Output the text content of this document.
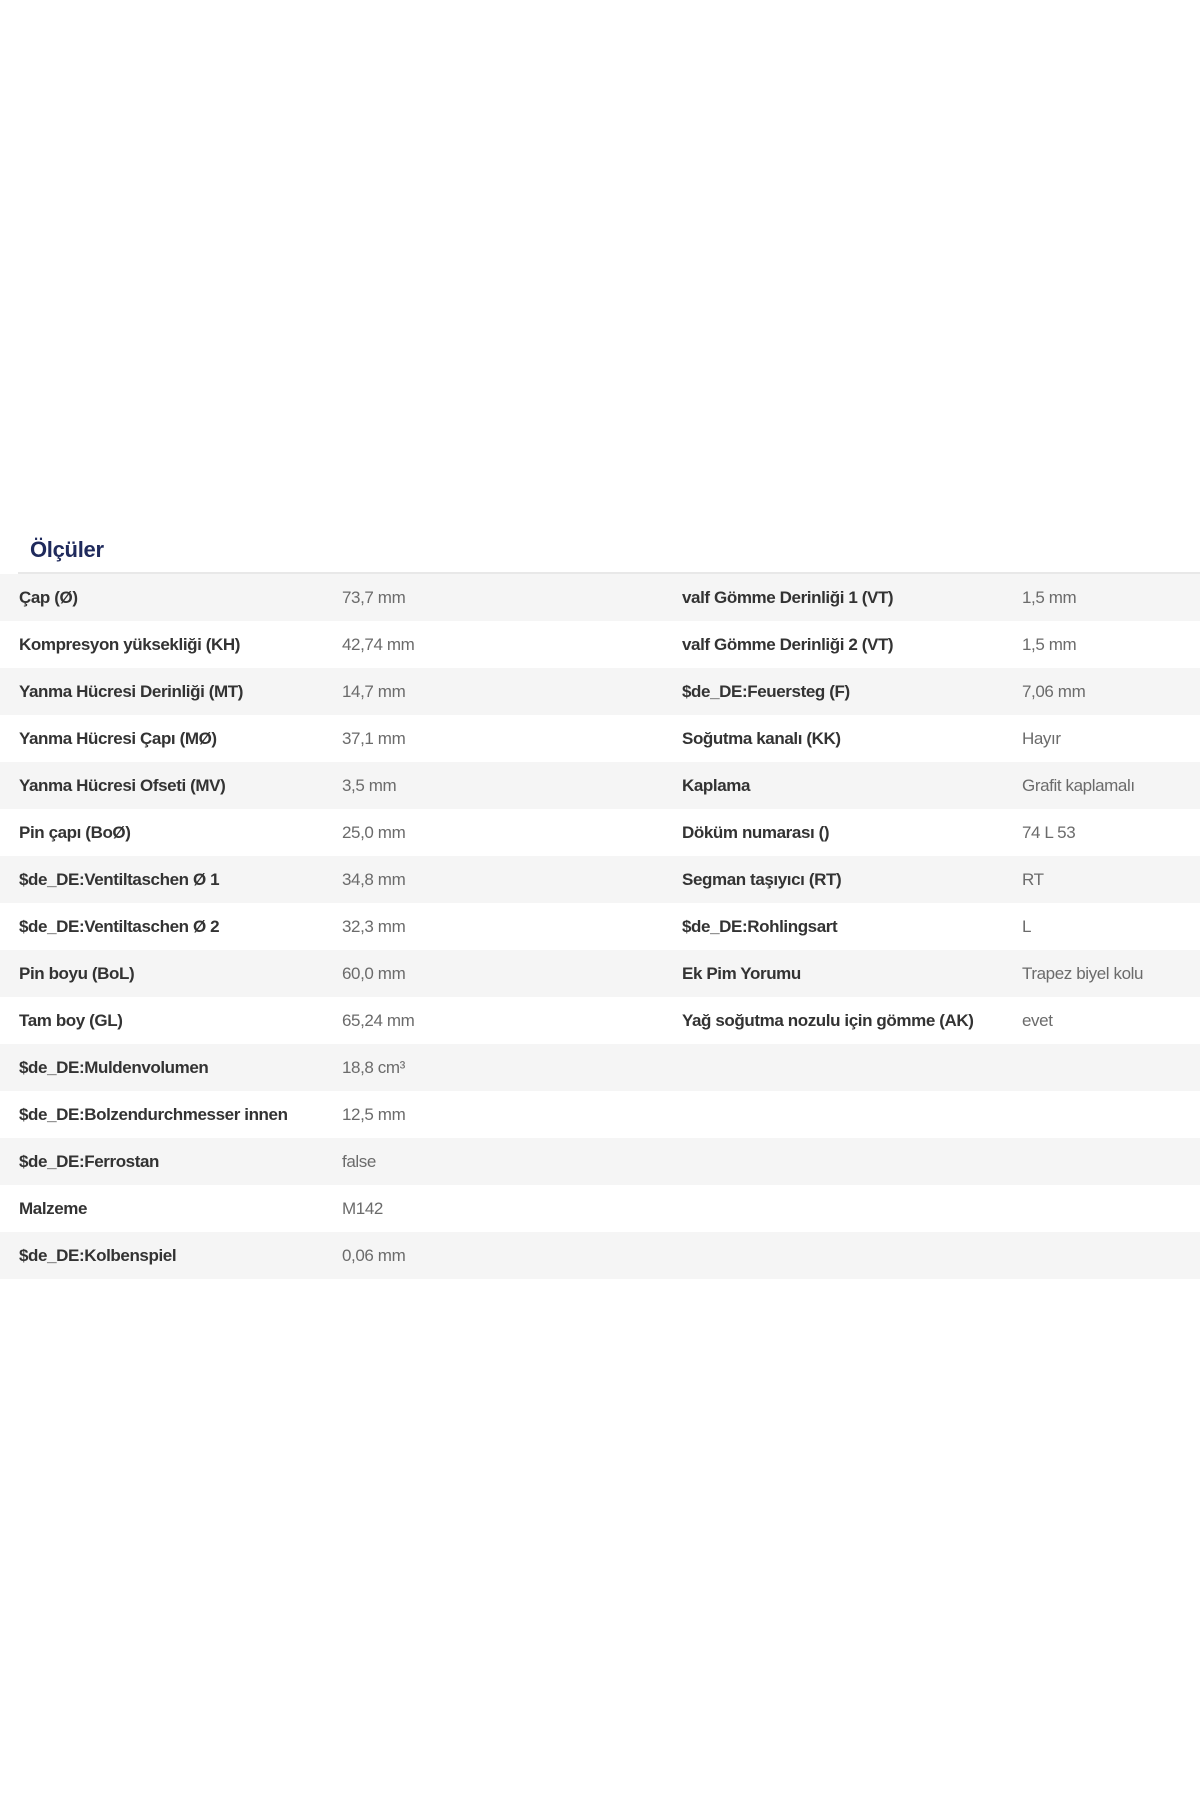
Ölçüler
Çap (Ø)	73,7 mm	valf Gömme Derinliği 1 (VT)	1,5 mm
Kompresyon yüksekliği (KH)	42,74 mm	valf Gömme Derinliği 2 (VT)	1,5 mm
Yanma Hücresi Derinliği (MT)	14,7 mm	$de_DE:Feuersteg (F)	7,06 mm
Yanma Hücresi Çapı (MØ)	37,1 mm	Soğutma kanalı (KK)	Hayır
Yanma Hücresi Ofseti (MV)	3,5 mm	Kaplama	Grafit kaplamalı
Pin çapı (BoØ)	25,0 mm	Döküm numarası ()	74 L 53
$de_DE:Ventiltaschen Ø 1	34,8 mm	Segman taşıyıcı (RT)	RT
$de_DE:Ventiltaschen Ø 2	32,3 mm	$de_DE:Rohlingsart	L
Pin boyu (BoL)	60,0 mm	Ek Pim Yorumu	Trapez biyel kolu
Tam boy (GL)	65,24 mm	Yağ soğutma nozulu için gömme (AK)	evet
$de_DE:Muldenvolumen	18,8 cm³		
$de_DE:Bolzendurchmesser innen	12,5 mm		
$de_DE:Ferrostan	false		
Malzeme	M142		
$de_DE:Kolbenspiel	0,06 mm		
